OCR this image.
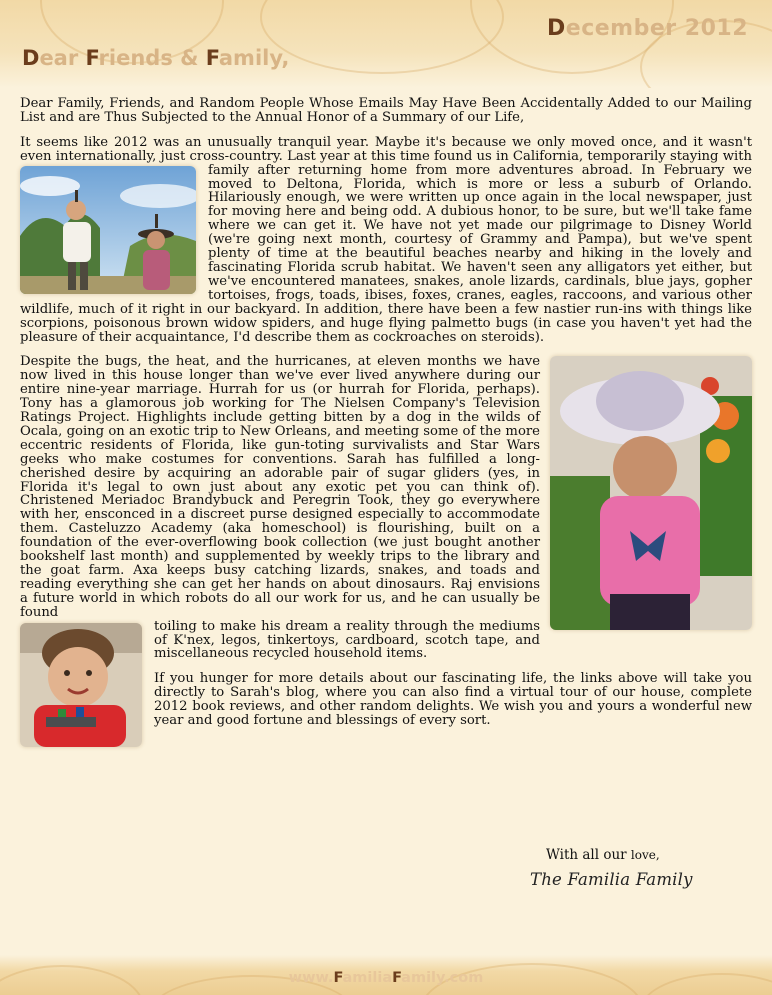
December 2012
Dear Friends & Family,

Dear Family, Friends, and Random People Whose Emails May Have Been Accidentally Added to our Mailing List and are Thus Subjected to the Annual Honor of a Summary of our Life,

It seems like 2012 was an unusually tranquil year. Maybe it's because we only moved once, and it wasn't even internationally, just cross-country. Last year at this time found us in California, temporarily staying with family after returning home from more adventures abroad. In February we moved to Deltona, Florida, which is more or less a suburb of Orlando. Hilariously enough, we were written up once again in the local newspaper, just for moving here and being odd. A dubious honor, to be sure, but we'll take fame where we can get it. We have not yet made our pilgrimage to Disney World (we're going next month, courtesy of Grammy and Pampa), but we've spent plenty of time at the beautiful beaches nearby and hiking in the lovely and fascinating Florida scrub habitat. We haven't seen any alligators yet either, but we've encountered manatees, snakes, anole lizards, cardinals, blue jays, gopher tortoises, frogs, toads, ibises, foxes, cranes, eagles, raccoons, and various other wildlife, much of it right in our backyard. In addition, there have been a few nastier run-ins with things like scorpions, poisonous brown widow spiders, and huge flying palmetto bugs (in case you haven't yet had the pleasure of their acquaintance, I'd describe them as cockroaches on steroids).

Despite the bugs, the heat, and the hurricanes, at eleven months we have now lived in this house longer than we've ever lived anywhere during our entire nine-year marriage. Hurrah for us (or hurrah for Florida, perhaps). Tony has a glamorous job working for The Nielsen Company's Television Ratings Project. Highlights include getting bitten by a dog in the wilds of Ocala, going on an exotic trip to New Orleans, and meeting some of the more eccentric residents of Florida, like gun-toting survivalists and Star Wars geeks who make costumes for conventions. Sarah has fulfilled a long-cherished desire by acquiring an adorable pair of sugar gliders (yes, in Florida it's legal to own just about any exotic pet you can think of). Christened Meriadoc Brandybuck and Peregrin Took, they go everywhere with her, ensconced in a discreet purse designed especially to accommodate them. Casteluzzo Academy (aka homeschool) is flourishing, built on a foundation of the ever-overflowing book collection (we just bought another bookshelf last month) and supplemented by weekly trips to the library and the goat farm. Axa keeps busy catching lizards, snakes, and toads and reading everything she can get her hands on about dinosaurs. Raj envisions a future world in which robots do all our work for us, and he can usually be found

toiling to make his dream a reality through the mediums of K'nex, legos, tinkertoys, cardboard, scotch tape, and miscellaneous recycled household items.

If you hunger for more details about our fascinating life, the links above will take you directly to Sarah's blog, where you can also find a virtual tour of our house, complete 2012 book reviews, and other random delights. We wish you and yours a wonderful new year and good fortune and blessings of every sort.

With all our love,
The Familia Family
www.FamiliaFamily.com
